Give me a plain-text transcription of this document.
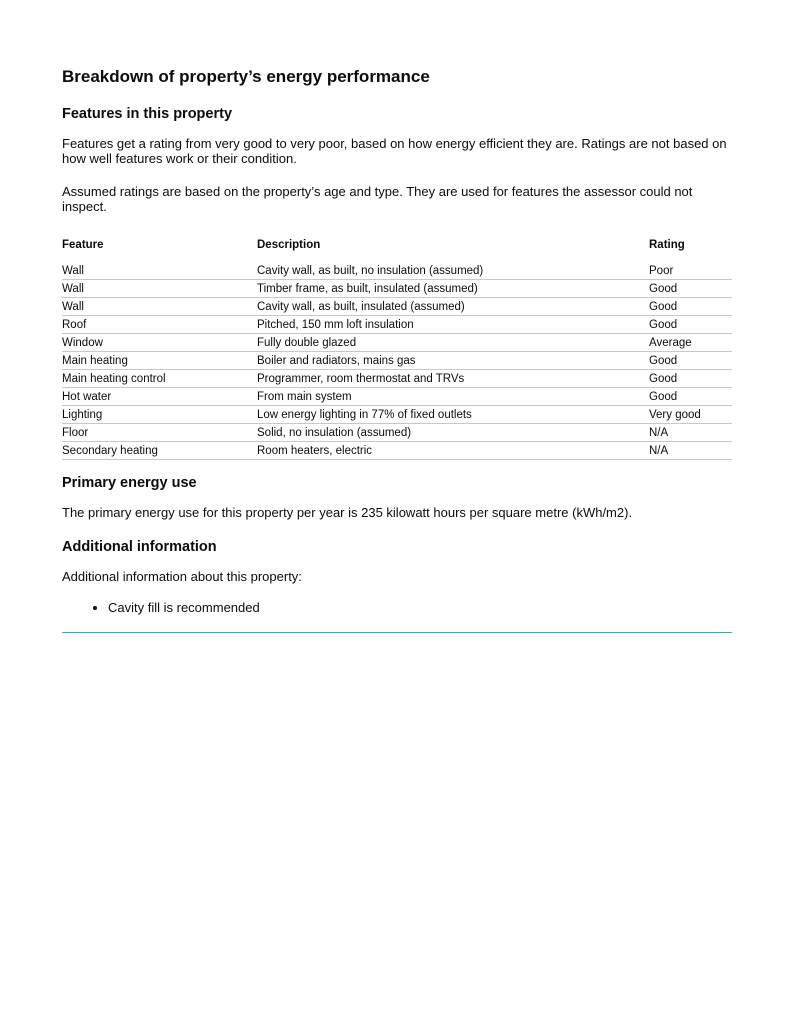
Breakdown of property’s energy performance
Features in this property

Features get a rating from very good to very poor, based on how energy efficient they are. Ratings are not based on how well features work or their condition.

Assumed ratings are based on the property’s age and type. They are used for features the assessor could not inspect.

Feature	Description	Rating
Wall	Cavity wall, as built, no insulation (assumed)	Poor
Wall	Timber frame, as built, insulated (assumed)	Good
Wall	Cavity wall, as built, insulated (assumed)	Good
Roof	Pitched, 150 mm loft insulation	Good
Window	Fully double glazed	Average
Main heating	Boiler and radiators, mains gas	Good
Main heating control	Programmer, room thermostat and TRVs	Good
Hot water	From main system	Good
Lighting	Low energy lighting in 77% of fixed outlets	Very good
Floor	Solid, no insulation (assumed)	N/A
Secondary heating	Room heaters, electric	N/A
Primary energy use

The primary energy use for this property per year is 235 kilowatt hours per square metre (kWh/m2).

Additional information

Additional information about this property:

• Cavity fill is recommended
